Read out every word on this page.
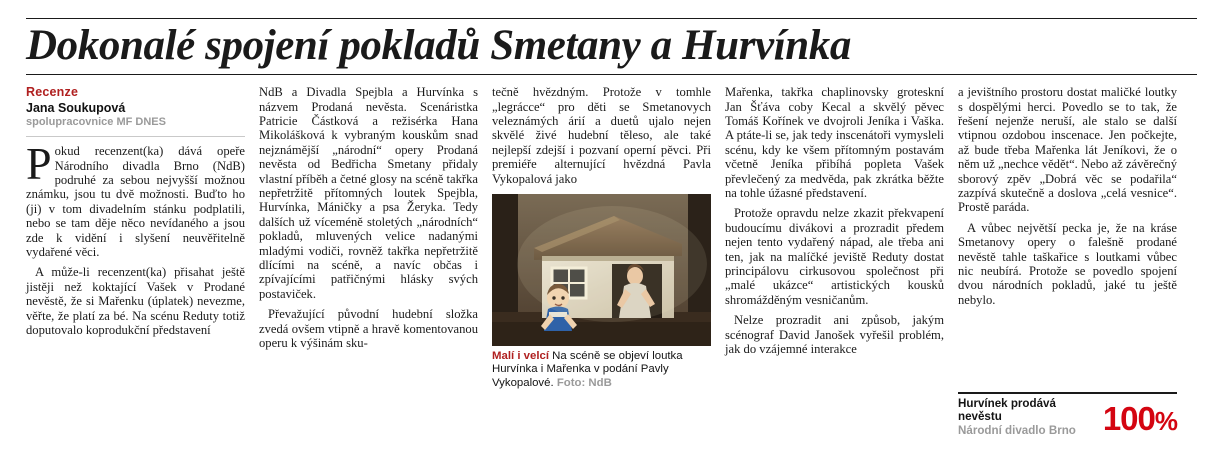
Dokonalé spojení pokladů Smetany a Hurvínka
Recenze
Jana Soukupová
spolupracovnice MF DNES

Pokud recenzent(ka) dává opeře Národního divadla Brno (NdB) podruhé za sebou nejvyšší možnou známku, jsou tu dvě možnosti. Buďto ho (ji) v tom divadelním stánku podplatili, nebo se tam děje něco nevídaného a jsou zde k vidění i slyšení neuvěřitelně vydařené věci.

A může-li recenzent(ka) přisahat ještě jistěji než koktající Vašek v Prodané nevěstě, že si Mařenku (úplatek) nevezme, věřte, že platí za bé. Na scénu Reduty totiž doputovalo koprodukční představení

NdB a Divadla Spejbla a Hurvínka s názvem Prodaná nevěsta. Scenáristka Patricie Částková a režisérka Hana Mikolášková k vybraným kouskům snad nejznámější „národní“ opery Prodaná nevěsta od Bedřicha Smetany přidaly vlastní příběh a četné glosy na scéně takřka nepřetržitě přítomných loutek Spejbla, Hurvínka, Máničky a psa Žeryka. Tedy dalších už víceméně stoletých „národních“ pokladů, mluvených velice nadanými mladými vodiči, rovněž takřka nepřetržitě dlícími na scéně, a navíc občas i zpívajícími patřičnými hlásky svých postaviček.

Převažující původní hudební složka zvedá ovšem vtipně a hravě komentovanou operu k výšinám sku-

tečně hvězdným. Protože v tomhle „legrácce“ pro děti se Smetanovych veleznámých árií a duetů ujalo nejen skvělé živé hudební těleso, ale také nejlepší zdejší i pozvaní operní pěvci. Při premiéře alternující hvězdná Pavla Vykopalová jako

Malí i velcí Na scéně se objeví loutka Hurvínka i Mařenka v podání Pavly Vykopalové. Foto: NdB

Mařenka, takřka chaplinovsky groteskní Jan Šťáva coby Kecal a skvělý pěvec Tomáš Kořínek ve dvojroli Jeníka i Vaška. A ptáte-li se, jak tedy inscenátoři vymysleli scénu, kdy ke všem přítomným postavám včetně Jeníka přibíhá popleta Vašek převlečený za medvěda, pak zkrátka běžte na tohle úžasné představení.

Protože opravdu nelze zkazit překvapení budoucímu divákovi a prozradit předem nejen tento vydařený nápad, ale třeba ani ten, jak na malíčké jeviště Reduty dostat principálovu cirkusovou společnost při „malé ukázce“ artistických kousků shromážděným vesničanům.

Nelze prozradit ani způsob, jakým scénograf David Janošek vyřešil problém, jak do vzájemné interakce

a jevištního prostoru dostat maličké loutky s dospělými herci. Povedlo se to tak, že řešení nejenže neruší, ale stalo se další vtipnou ozdobou inscenace. Jen počkejte, až bude třeba Mařenka lát Jeníkovi, že o něm už „nechce vědět“. Nebo až závěrečný sborový zpěv „Dobrá věc se podařila“ zazpívá skutečně a doslova „celá vesnice“. Prostě paráda.

A vůbec největší pecka je, že na kráse Smetanovy opery o falešně prodané nevěstě tahle taškařice s loutkami vůbec nic neubírá. Protože se povedlo spojení dvou národních pokladů, jaké tu ještě nebylo.

Hurvínek prodává nevěstu
Národní divadlo Brno 100%
